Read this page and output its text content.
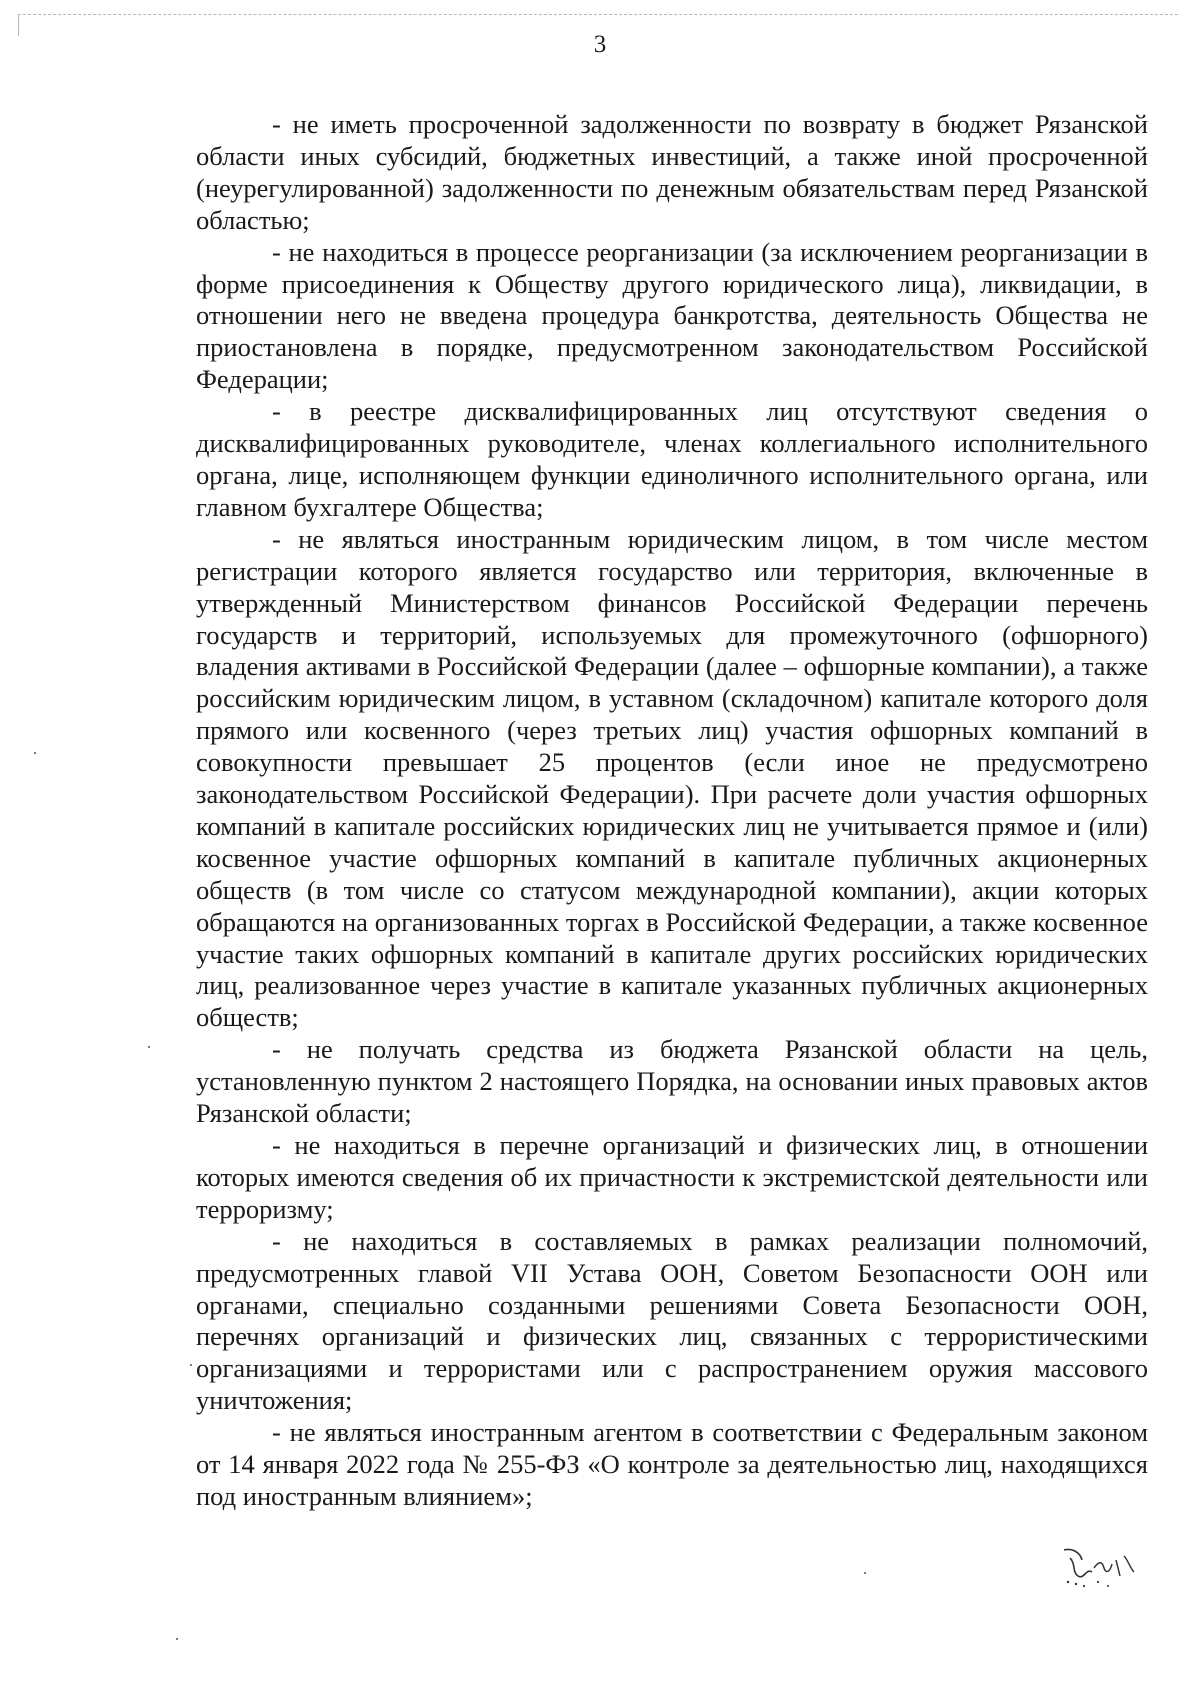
3

- не иметь просроченной задолженности по возврату в бюджет Рязанской области иных субсидий, бюджетных инвестиций, а также иной просроченной (неурегулированной) задолженности по денежным обязательствам перед Рязанской областью;

- не находиться в процессе реорганизации (за исключением реорганизации в форме присоединения к Обществу другого юридического лица), ликвидации, в отношении него не введена процедура банкротства, деятельность Общества не приостановлена в порядке, предусмотренном законодательством Российской Федерации;

- в реестре дисквалифицированных лиц отсутствуют сведения о дисквалифицированных руководителе, членах коллегиального исполнительного органа, лице, исполняющем функции единоличного исполнительного органа, или главном бухгалтере Общества;

- не являться иностранным юридическим лицом, в том числе местом регистрации которого является государство или территория, включенные в утвержденный Министерством финансов Российской Федерации перечень государств и территорий, используемых для промежуточного (офшорного) владения активами в Российской Федерации (далее – офшорные компании), а также российским юридическим лицом, в уставном (складочном) капитале которого доля прямого или косвенного (через третьих лиц) участия офшорных компаний в совокупности превышает 25 процентов (если иное не предусмотрено законодательством Российской Федерации). При расчете доли участия офшорных компаний в капитале российских юридических лиц не учитывается прямое и (или) косвенное участие офшорных компаний в капитале публичных акционерных обществ (в том числе со статусом международной компании), акции которых обращаются на организованных торгах в Российской Федерации, а также косвенное участие таких офшорных компаний в капитале других российских юридических лиц, реализованное через участие в капитале указанных публичных акционерных обществ;

- не получать средства из бюджета Рязанской области на цель, установленную пунктом 2 настоящего Порядка, на основании иных правовых актов Рязанской области;

- не находиться в перечне организаций и физических лиц, в отношении которых имеются сведения об их причастности к экстремистской деятельности или терроризму;

- не находиться в составляемых в рамках реализации полномочий, предусмотренных главой VII Устава ООН, Советом Безопасности ООН или органами, специально созданными решениями Совета Безопасности ООН, перечнях организаций и физических лиц, связанных с террористическими организациями и террористами или с распространением оружия массового уничтожения;

- не являться иностранным агентом в соответствии с Федеральным законом от 14 января 2022 года № 255-ФЗ «О контроле за деятельностью лиц, находящихся под иностранным влиянием»;
